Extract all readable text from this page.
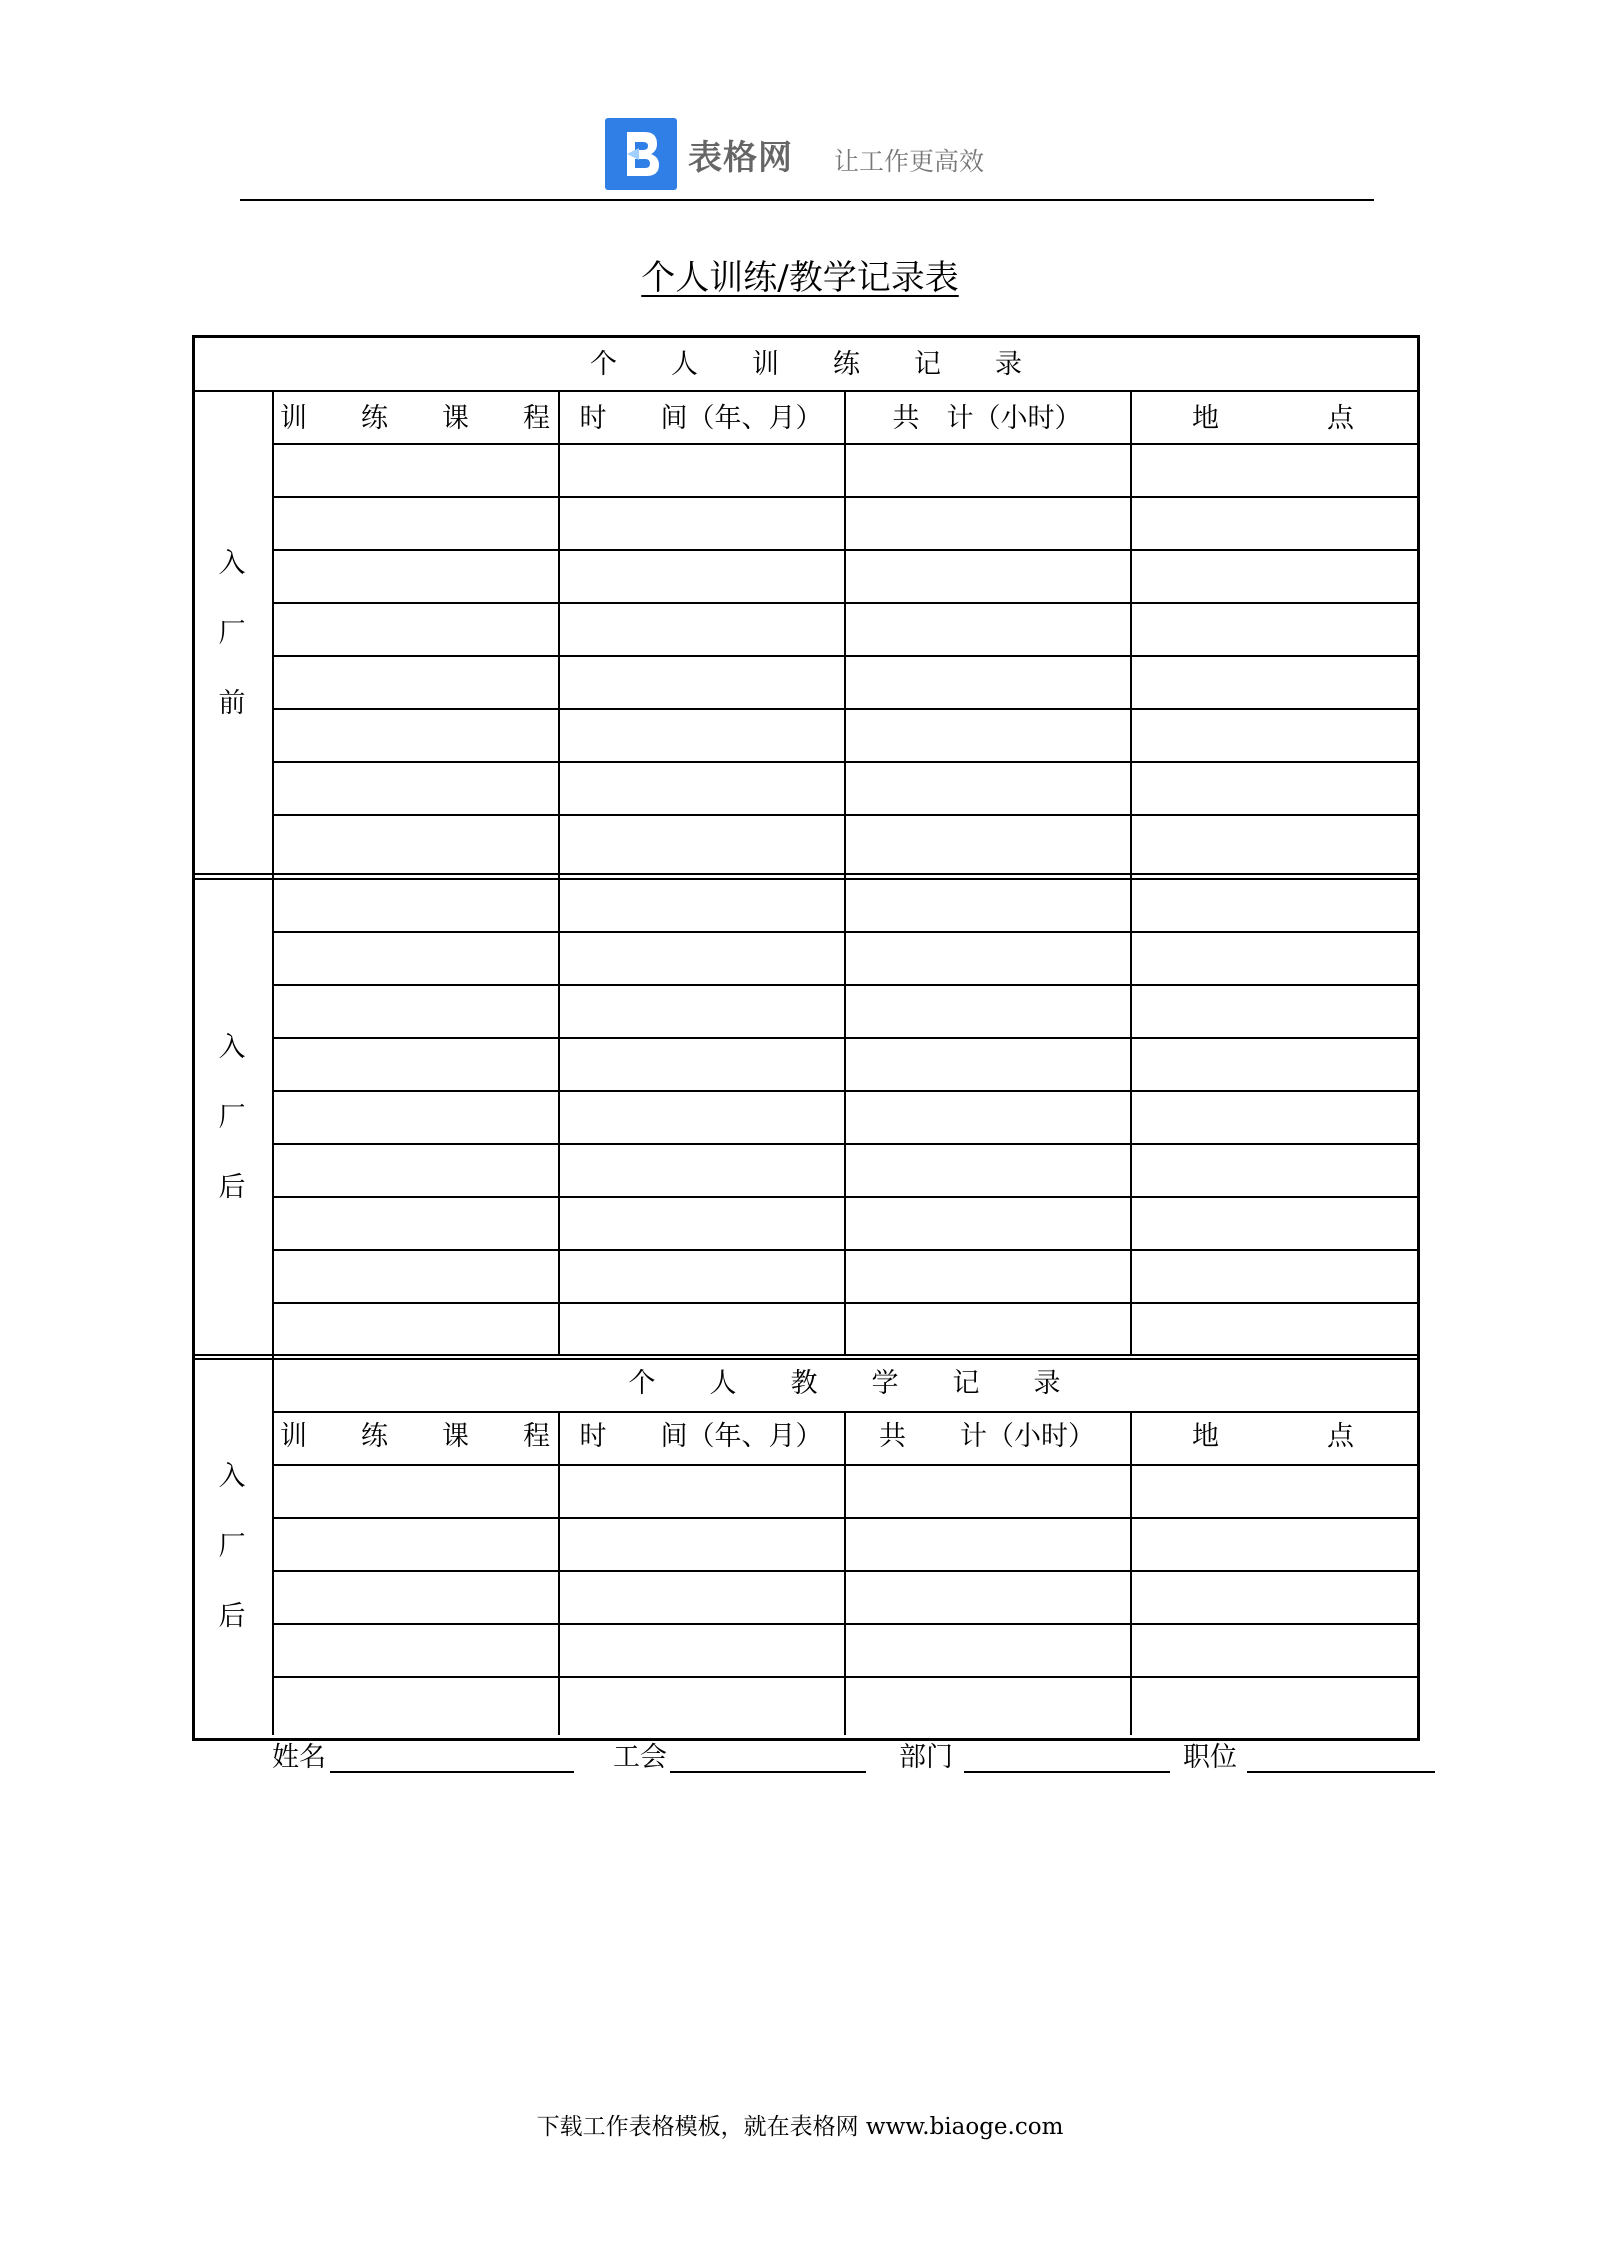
表格网 让工作更高效
个人训练/教学记录表
个　　人　　训　　练　　记　　录
训　　练　　课　　程	时　　间（年、月）	共　计（小时）	地　　　　点
入
厂
前
入
厂
后
个　　人　　教　　学　　记　　录
训　　练　　课　　程	时　　间（年、月）	共　　计（小时）	地　　　　点
入
厂
后
姓名	工会	部门	职位
下载工作表格模板，就在表格网 www.biaoge.com
